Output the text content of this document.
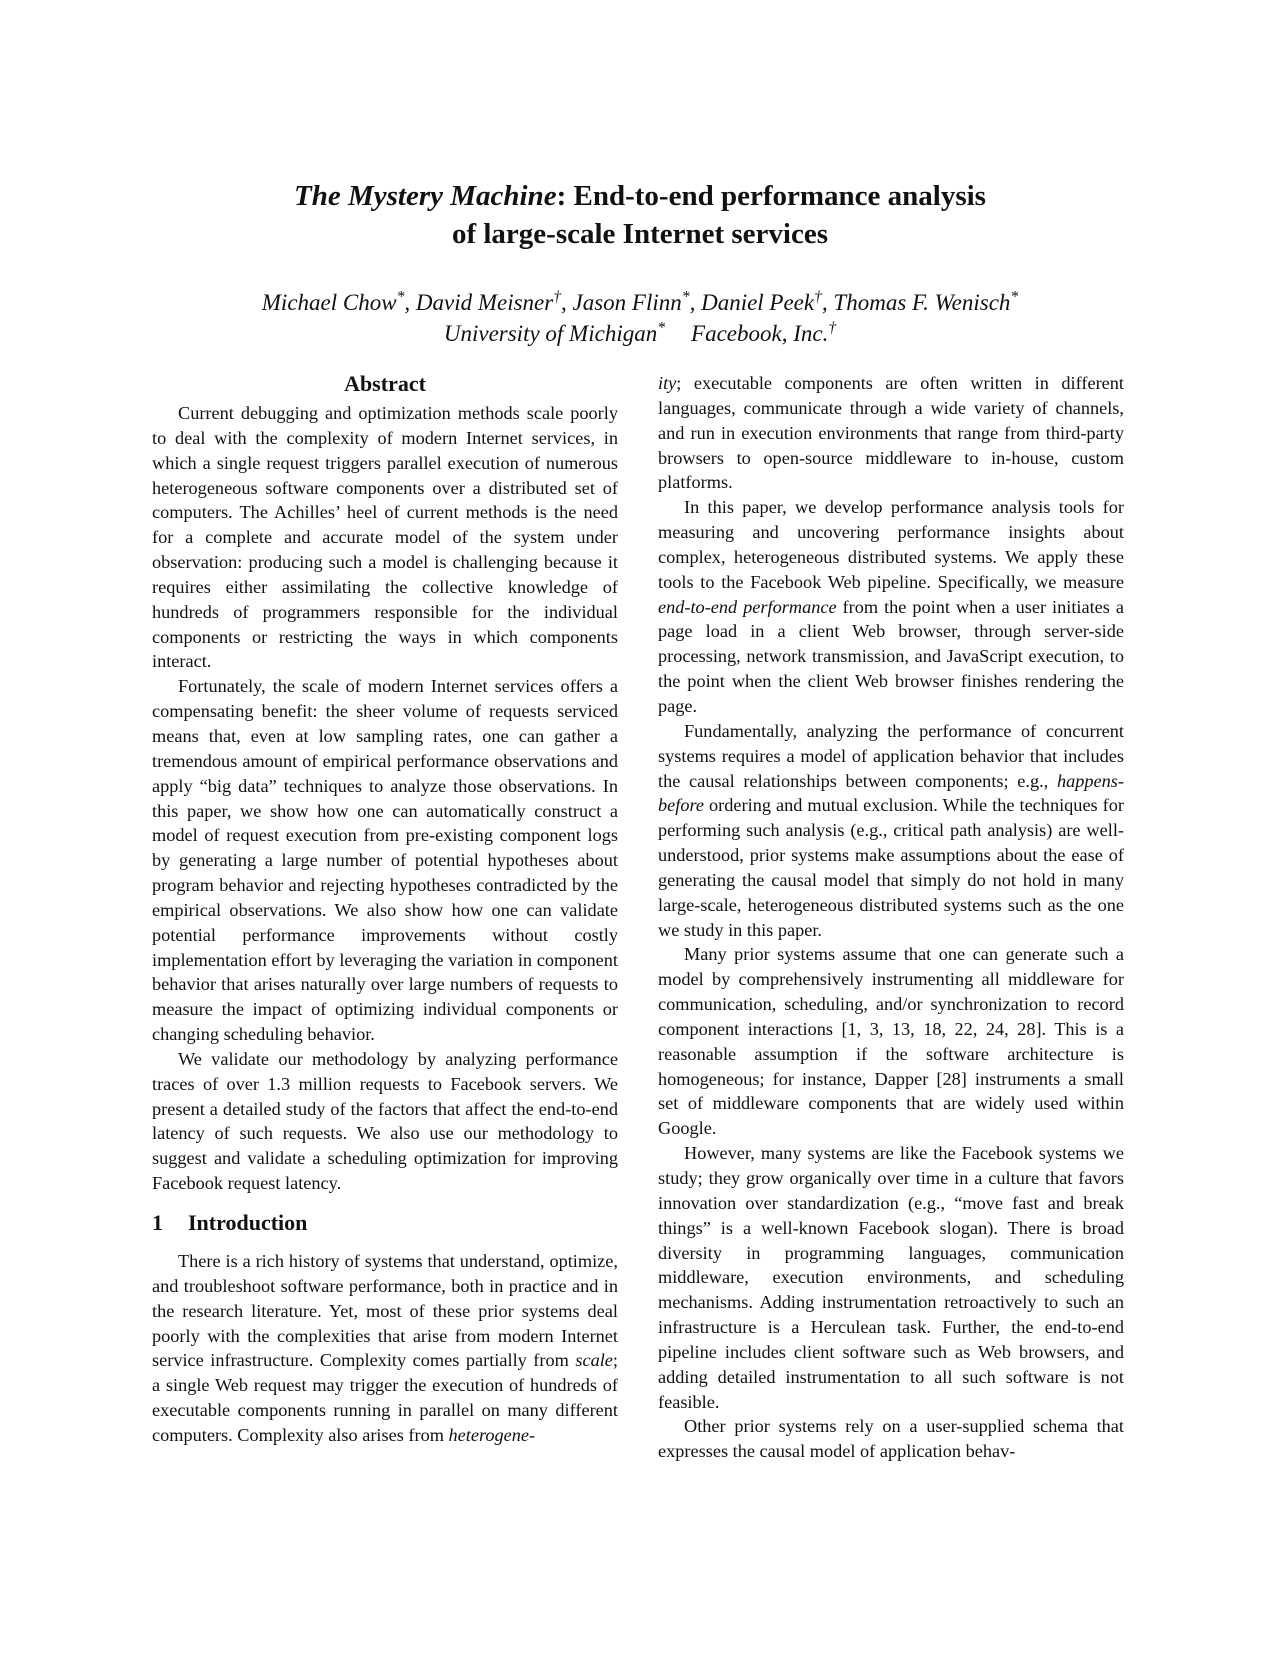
The Mystery Machine: End-to-end performance analysis
of large-scale Internet services
Michael Chow*, David Meisner†, Jason Flinn*, Daniel Peek†, Thomas F. Wenisch*
University of Michigan* Facebook, Inc.†
Abstract

Current debugging and optimization methods scale poorly to deal with the complexity of modern Internet services, in which a single request triggers parallel execution of numerous heterogeneous software components over a distributed set of computers. The Achilles’ heel of current methods is the need for a complete and accurate model of the system under observation: producing such a model is challenging because it requires either assimilating the collective knowledge of hundreds of programmers responsible for the individual components or restricting the ways in which components interact.

Fortunately, the scale of modern Internet services offers a compensating benefit: the sheer volume of requests serviced means that, even at low sampling rates, one can gather a tremendous amount of empirical performance observations and apply “big data” techniques to analyze those observations. In this paper, we show how one can automatically construct a model of request execution from pre-existing component logs by generating a large number of potential hypotheses about program behavior and rejecting hypotheses contradicted by the empirical observations. We also show how one can validate potential performance improvements without costly implementation effort by leveraging the variation in component behavior that arises naturally over large numbers of requests to measure the impact of optimizing individual components or changing scheduling behavior.

We validate our methodology by analyzing performance traces of over 1.3 million requests to Facebook servers. We present a detailed study of the factors that affect the end-to-end latency of such requests. We also use our methodology to suggest and validate a scheduling optimization for improving Facebook request latency.

1 Introduction

There is a rich history of systems that understand, optimize, and troubleshoot software performance, both in practice and in the research literature. Yet, most of these prior systems deal poorly with the complexities that arise from modern Internet service infrastructure. Complexity comes partially from scale; a single Web request may trigger the execution of hundreds of executable components running in parallel on many different computers. Complexity also arises from heterogene-

ity; executable components are often written in different languages, communicate through a wide variety of channels, and run in execution environments that range from third-party browsers to open-source middleware to in-house, custom platforms.

In this paper, we develop performance analysis tools for measuring and uncovering performance insights about complex, heterogeneous distributed systems. We apply these tools to the Facebook Web pipeline. Specifically, we measure end-to-end performance from the point when a user initiates a page load in a client Web browser, through server-side processing, network transmission, and JavaScript execution, to the point when the client Web browser finishes rendering the page.

Fundamentally, analyzing the performance of concurrent systems requires a model of application behavior that includes the causal relationships between components; e.g., happens-before ordering and mutual exclusion. While the techniques for performing such analysis (e.g., critical path analysis) are well-understood, prior systems make assumptions about the ease of generating the causal model that simply do not hold in many large-scale, heterogeneous distributed systems such as the one we study in this paper.

Many prior systems assume that one can generate such a model by comprehensively instrumenting all middleware for communication, scheduling, and/or synchronization to record component interactions [1, 3, 13, 18, 22, 24, 28]. This is a reasonable assumption if the software architecture is homogeneous; for instance, Dapper [28] instruments a small set of middleware components that are widely used within Google.

However, many systems are like the Facebook systems we study; they grow organically over time in a culture that favors innovation over standardization (e.g., “move fast and break things” is a well-known Facebook slogan). There is broad diversity in programming languages, communication middleware, execution environments, and scheduling mechanisms. Adding instrumentation retroactively to such an infrastructure is a Herculean task. Further, the end-to-end pipeline includes client software such as Web browsers, and adding detailed instrumentation to all such software is not feasible.

Other prior systems rely on a user-supplied schema that expresses the causal model of application behav-
